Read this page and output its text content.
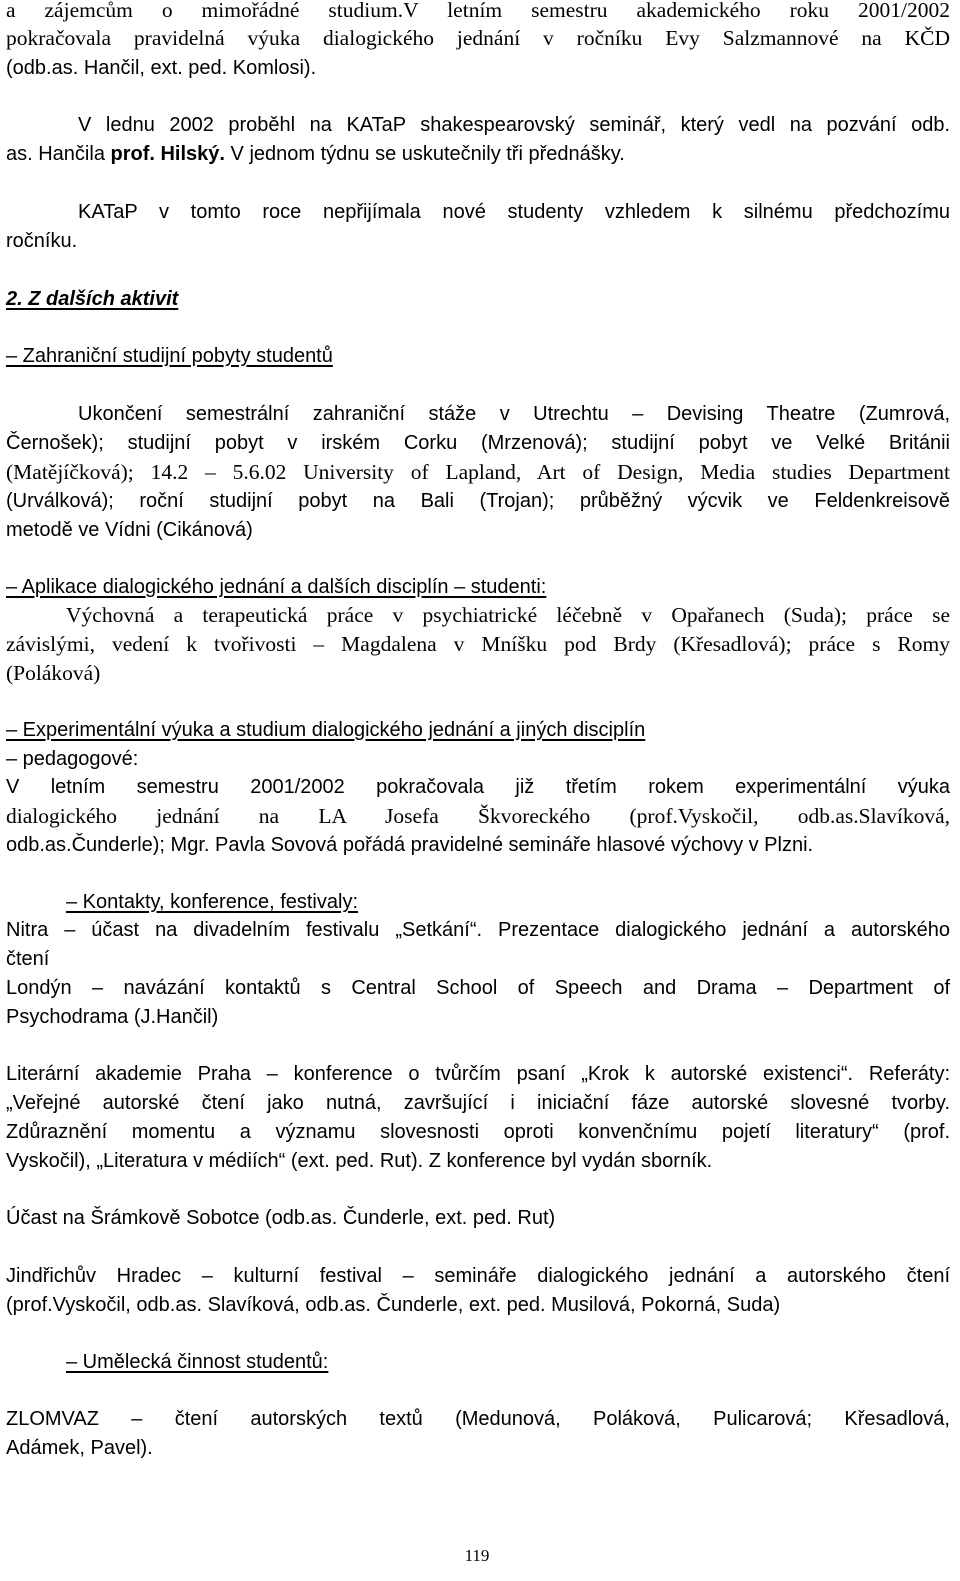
a zájemcům o mimořádné studium.V letním semestru akademického roku 2001/2002
pokračovala pravidelná výuka dialogického jednání v ročníku Evy Salzmannové na KČD
(odb.as. Hančil, ext. ped. Komlosi).
V lednu 2002 proběhl na KATaP shakespearovský seminář, který vedl na pozvání odb.
as. Hančila prof. Hilský. V jednom týdnu se uskutečnily tři přednášky.
KATaP v tomto roce nepřijímala nové studenty vzhledem k silnému předchozímu
ročníku.
2. Z dalších aktivit
– Zahraniční studijní pobyty studentů
Ukončení semestrální zahraniční stáže v Utrechtu – Devising Theatre (Zumrová,
Černošek); studijní pobyt v irském Corku (Mrzenová); studijní pobyt ve Velké Británii
(Matějíčková); 14.2 – 5.6.02 University of Lapland, Art of Design, Media studies Department
(Urválková); roční studijní pobyt na Bali (Trojan); průběžný výcvik ve Feldenkreisově
metodě ve Vídni (Cikánová)
– Aplikace dialogického jednání a dalších disciplín – studenti:
Výchovná a terapeutická práce v psychiatrické léčebně v Opařanech (Suda); práce se
závislými, vedení k tvořivosti – Magdalena v Mníšku pod Brdy (Křesadlová); práce s Romy
(Poláková)
– Experimentální výuka a studium dialogického jednání a jiných disciplín
– pedagogové:
V letním semestru 2001/2002 pokračovala již třetím rokem experimentální výuka
dialogického jednání na LA Josefa Škvoreckého (prof.Vyskočil, odb.as.Slavíková,
odb.as.Čunderle); Mgr. Pavla Sovová pořádá pravidelné semináře hlasové výchovy v Plzni.
– Kontakty, konference, festivaly:
Nitra – účast na divadelním festivalu „Setkání“. Prezentace dialogického jednání a autorského
čtení
Londýn – navázání kontaktů s Central School of Speech and Drama – Department of
Psychodrama (J.Hančil)
Literární akademie Praha – konference o tvůrčím psaní „Krok k autorské existenci“. Referáty:
„Veřejné autorské čtení jako nutná, završující i iniciační fáze autorské slovesné tvorby.
Zdůraznění momentu a významu slovesnosti oproti konvenčnímu pojetí literatury“ (prof.
Vyskočil), „Literatura v médiích“ (ext. ped. Rut). Z konference byl vydán sborník.
Účast na Šrámkově Sobotce (odb.as. Čunderle, ext. ped. Rut)
Jindřichův Hradec – kulturní festival – semináře dialogického jednání a autorského čtení
(prof.Vyskočil, odb.as. Slavíková, odb.as. Čunderle, ext. ped. Musilová, Pokorná, Suda)
– Umělecká činnost studentů:
ZLOMVAZ – čtení autorských textů (Medunová, Poláková, Pulicarová; Křesadlová,
Adámek, Pavel).
119
